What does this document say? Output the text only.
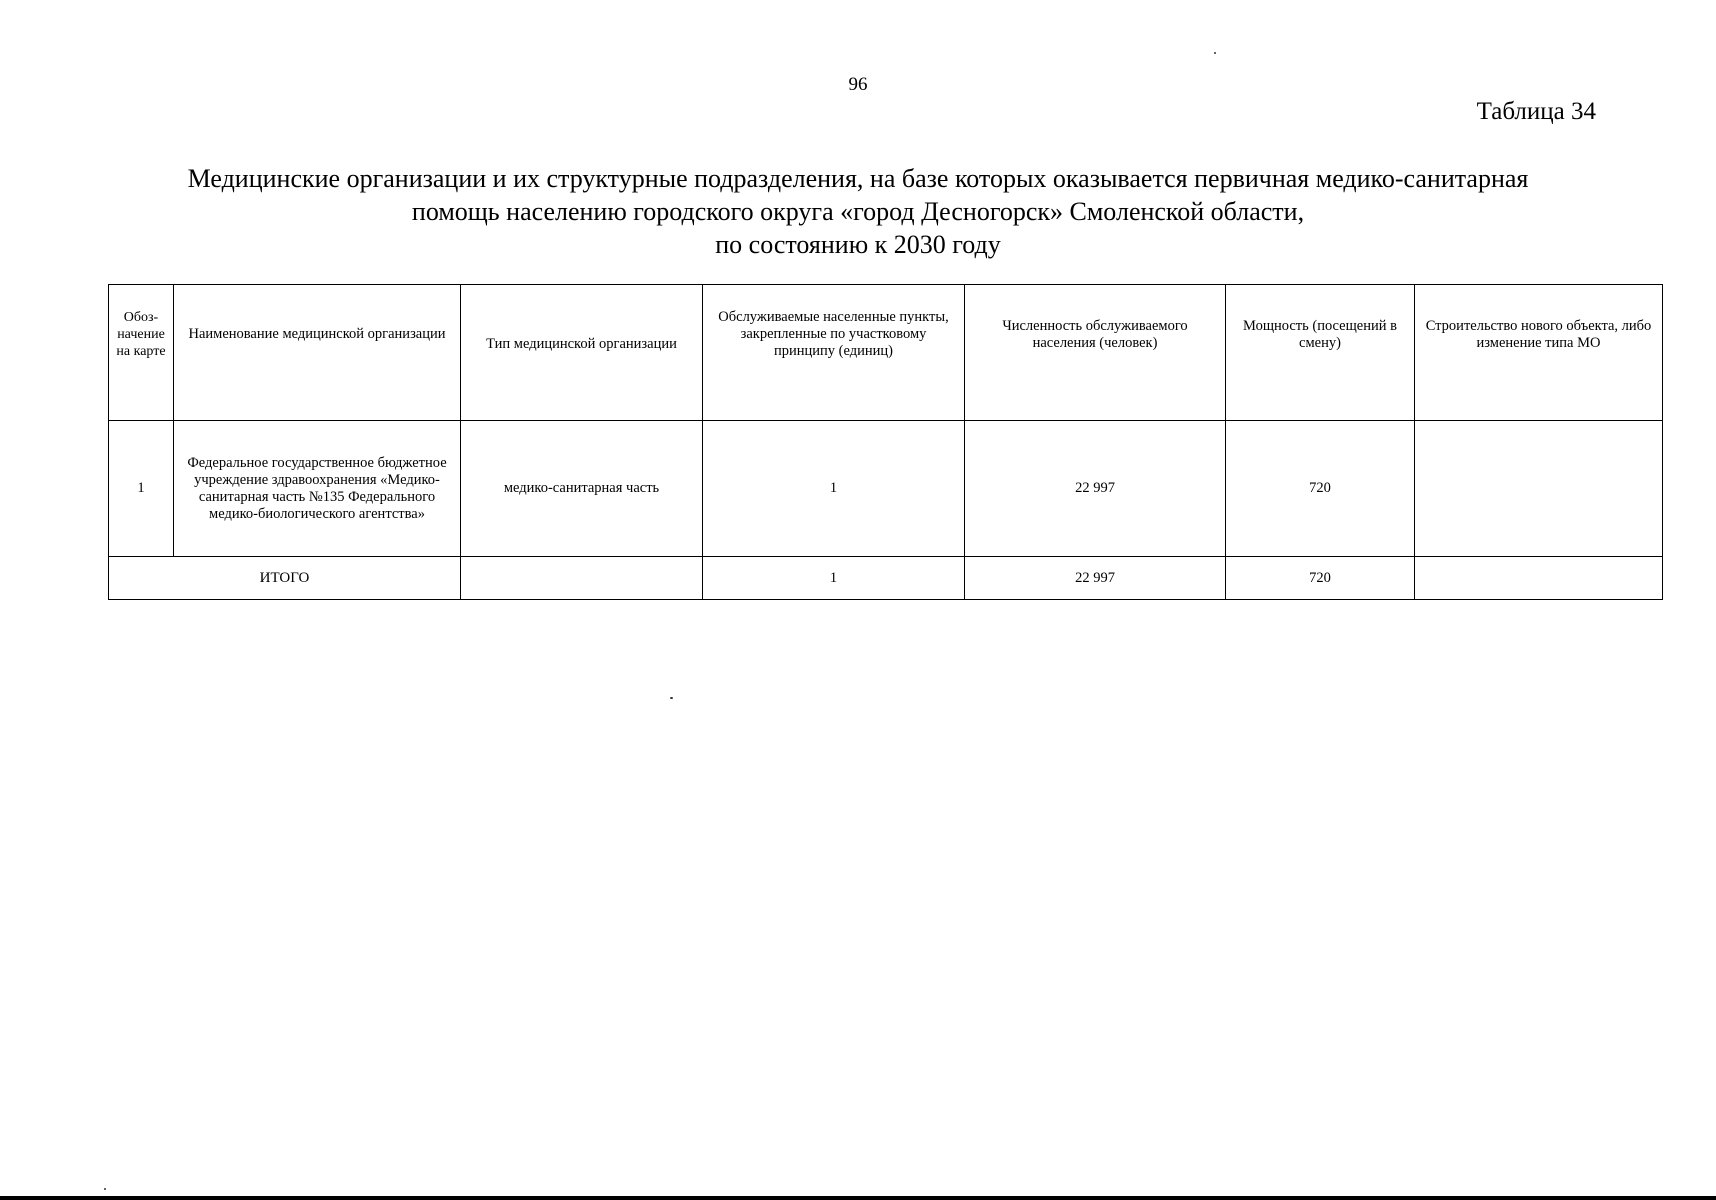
96
Таблица 34
Медицинские организации и их структурные подразделения, на базе которых оказывается первичная медико-санитарная
помощь населению городского округа «город Десногорск» Смоленской области,
по состоянию к 2030 году
Обоз-начение на карте	Наименование медицинской организации	Тип медицинской организации	Обслуживаемые населенные пункты, закрепленные по участковому принципу (единиц)	Численность обслуживаемого населения (человек)	Мощность (посещений в смену)	Строительство нового объекта, либо изменение типа МО
1	Федеральное государственное бюджетное учреждение здравоохранения «Медико-санитарная часть №135 Федерального медико-биологического агентства»	медико-санитарная часть	1	22 997	720	
ИТОГО			1	22 997	720	
